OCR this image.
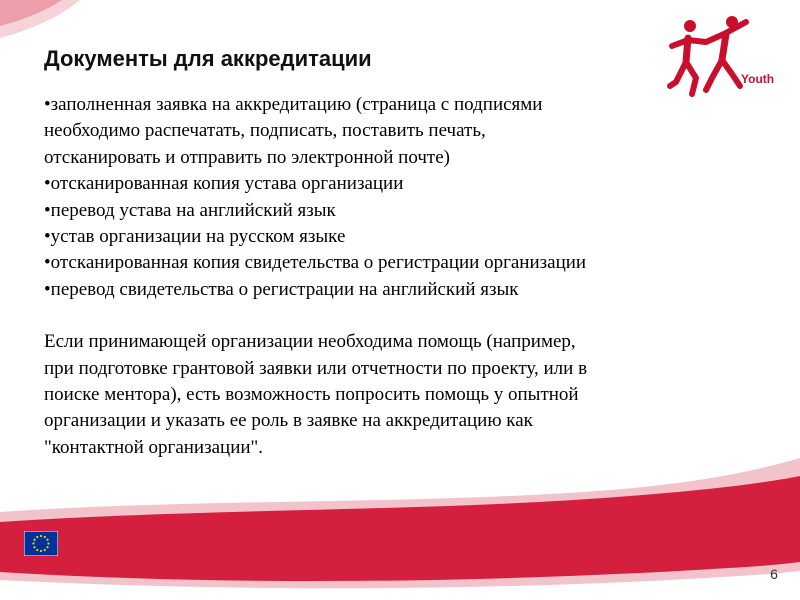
Документы для аккредитации
•заполненная заявка на аккредитацию (страница с подписями
необходимо распечатать, подписать, поставить печать,
отсканировать и отправить по электронной почте)
•отсканированная копия устава организации
•перевод устава на английский язык
•устав организации на русском языке
•отсканированная копия свидетельства о регистрации организации
•перевод свидетельства о регистрации на английский язык
Если принимающей организации необходима помощь (например,
при подготовке грантовой заявки или отчетности по проекту, или в
поиске ментора), есть возможность попросить помощь у опытной
организации и указать ее роль в заявке на аккредитацию как
"контактной организации".
Youth
6
